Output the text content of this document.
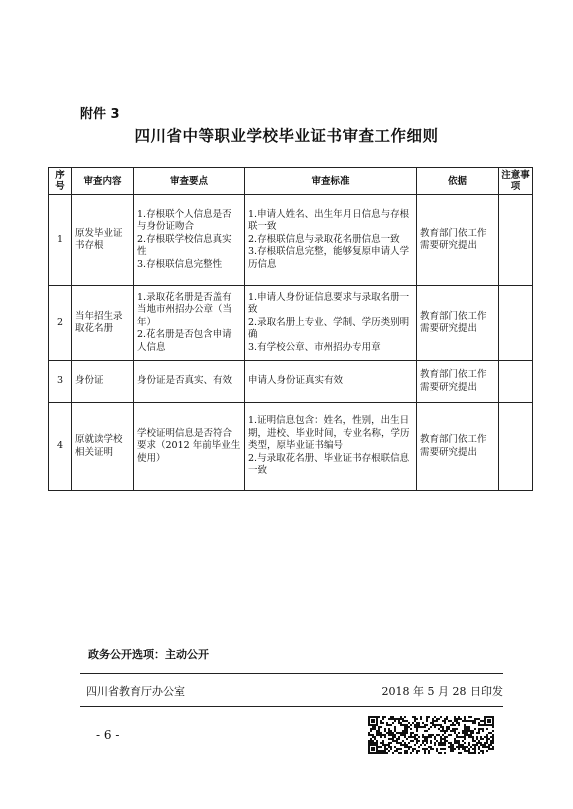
附件 3
四川省中等职业学校毕业证书审查工作细则
序号	审查内容	审查要点	审查标准	依据	注意事项
1	原发毕业证书存根	1.存根联个人信息是否与身份证吻合
2.存根联学校信息真实性
3.存根联信息完整性	1.申请人姓名、出生年月日信息与存根联一致
2.存根联信息与录取花名册信息一致
3.存根联信息完整，能够复原申请人学历信息	教育部门依工作需要研究提出	
2	当年招生录取花名册	1.录取花名册是否盖有当地市州招办公章（当年）
2.花名册是否包含申请人信息	1.申请人身份证信息要求与录取名册一致
2.录取名册上专业、学制、学历类别明确
3.有学校公章、市州招办专用章	教育部门依工作需要研究提出	
3	身份证	身份证是否真实、有效	申请人身份证真实有效	教育部门依工作需要研究提出	
4	原就读学校相关证明	学校证明信息是否符合要求（2012 年前毕业生使用）	1.证明信息包含：姓名，性别，出生日期，进校、毕业时间，专业名称，学历类型，原毕业证书编号
2.与录取花名册、毕业证书存根联信息一致	教育部门依工作需要研究提出	
政务公开选项：主动公开
四川省教育厅办公室	2018 年 5 月 28 日印发
- 6 -
